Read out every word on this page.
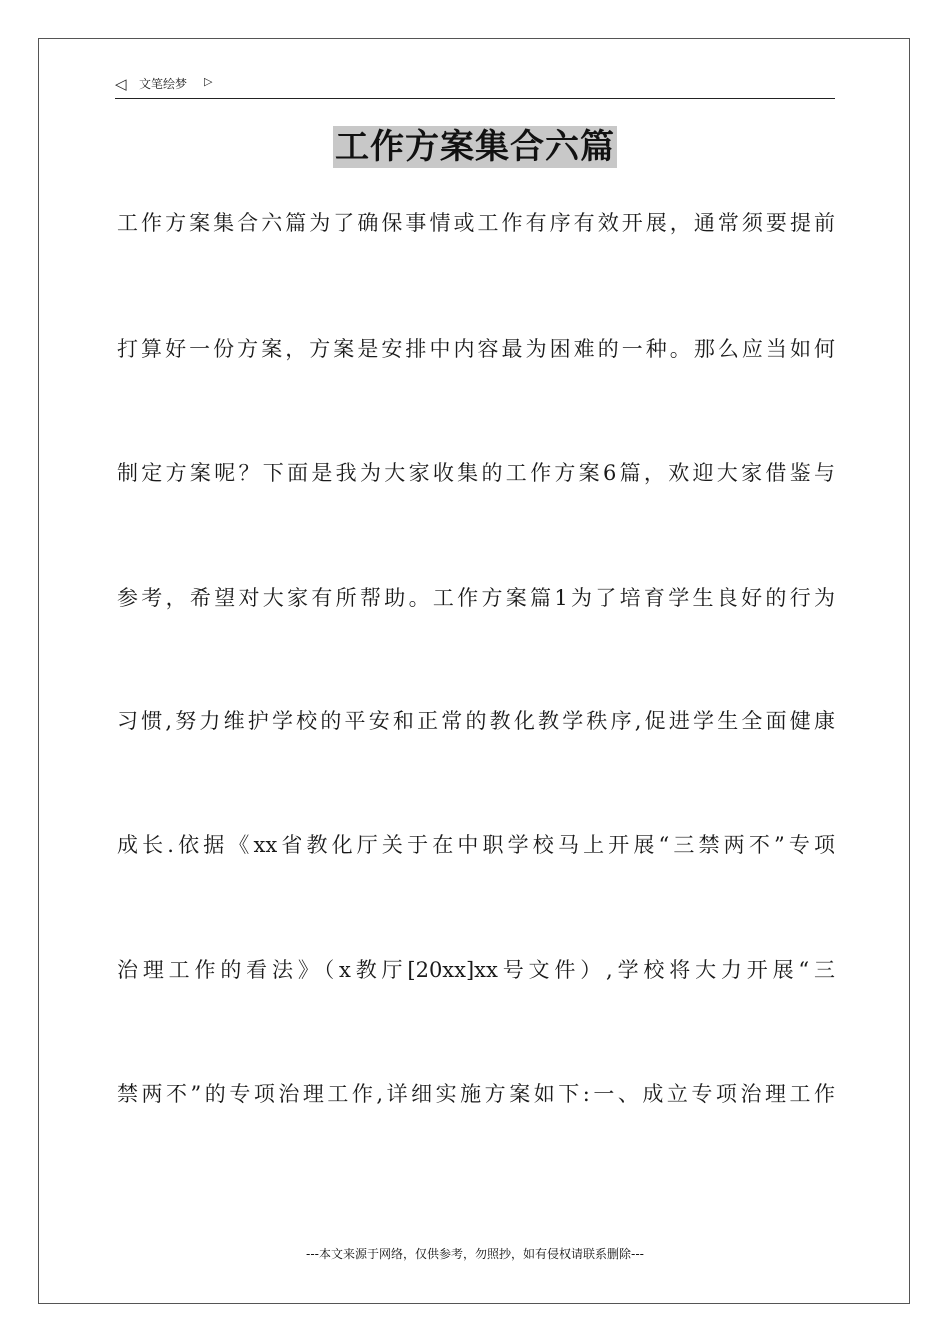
◁ 文笔绘梦 ▷
工作方案集合六篇
工作方案集合六篇为了确保事情或工作有序有效开展，通常须要提前
打算好一份方案，方案是安排中内容最为困难的一种。那么应当如何
制定方案呢？下面是我为大家收集的工作方案6篇，欢迎大家借鉴与
参考，希望对大家有所帮助。工作方案篇1为了培育学生良好的行为
习惯,努力维护学校的平安和正常的教化教学秩序,促进学生全面健康
成长.依据《xx省教化厅关于在中职学校马上开展“三禁两不”专项
治理工作的看法》（x教厅[20xx]xx号文件）,学校将大力开展“三
禁两不”的专项治理工作,详细实施方案如下:一、成立专项治理工作
---本文来源于网络，仅供参考，勿照抄，如有侵权请联系删除---
